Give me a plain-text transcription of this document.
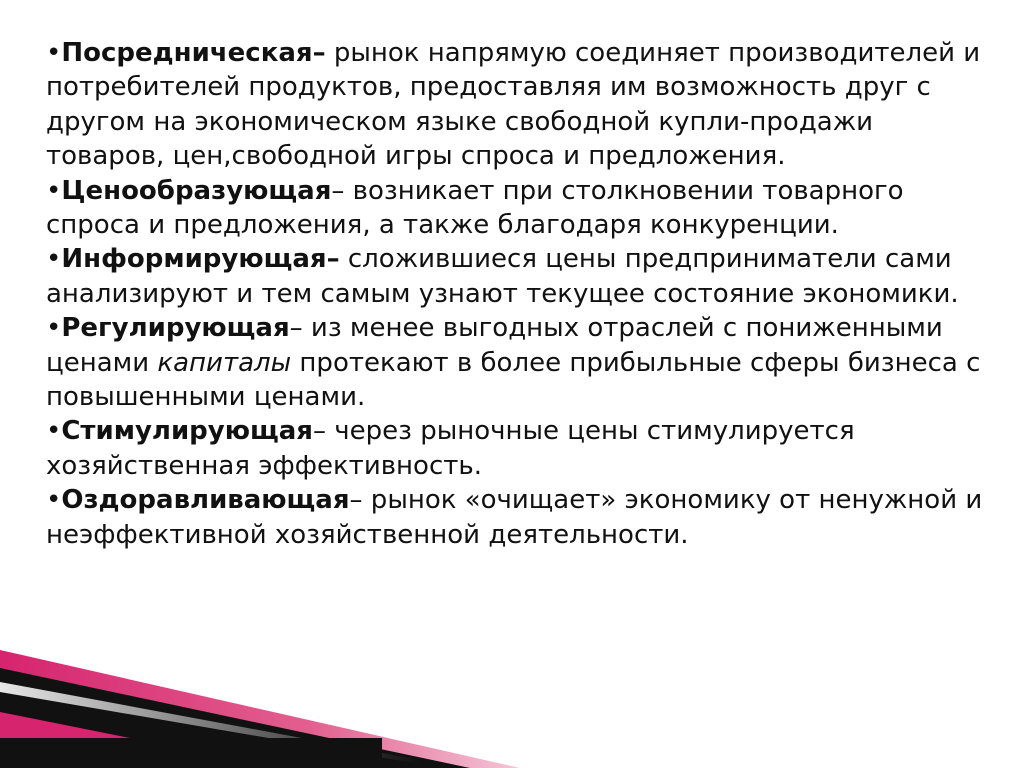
•Посредническая– рынок напрямую соединяет производителей и потребителей продуктов, предоставляя им возможность друг с другом на экономическом языке свободной купли-продажи товаров, цен,свободной игры спроса и предложения.

•Ценообразующая– возникает при столкновении товарного спроса и предложения, а также благодаря конкуренции.

•Информирующая– сложившиеся цены предприниматели сами анализируют и тем самым узнают текущее состояние экономики.

•Регулирующая– из менее выгодных отраслей с пониженными ценами капиталы протекают в более прибыльные сферы бизнеса с повышенными ценами.

•Стимулирующая– через рыночные цены стимулируется хозяйственная эффективность.

•Оздоравливающая– рынок «очищает» экономику от ненужной и неэффективной хозяйственной деятельности.
